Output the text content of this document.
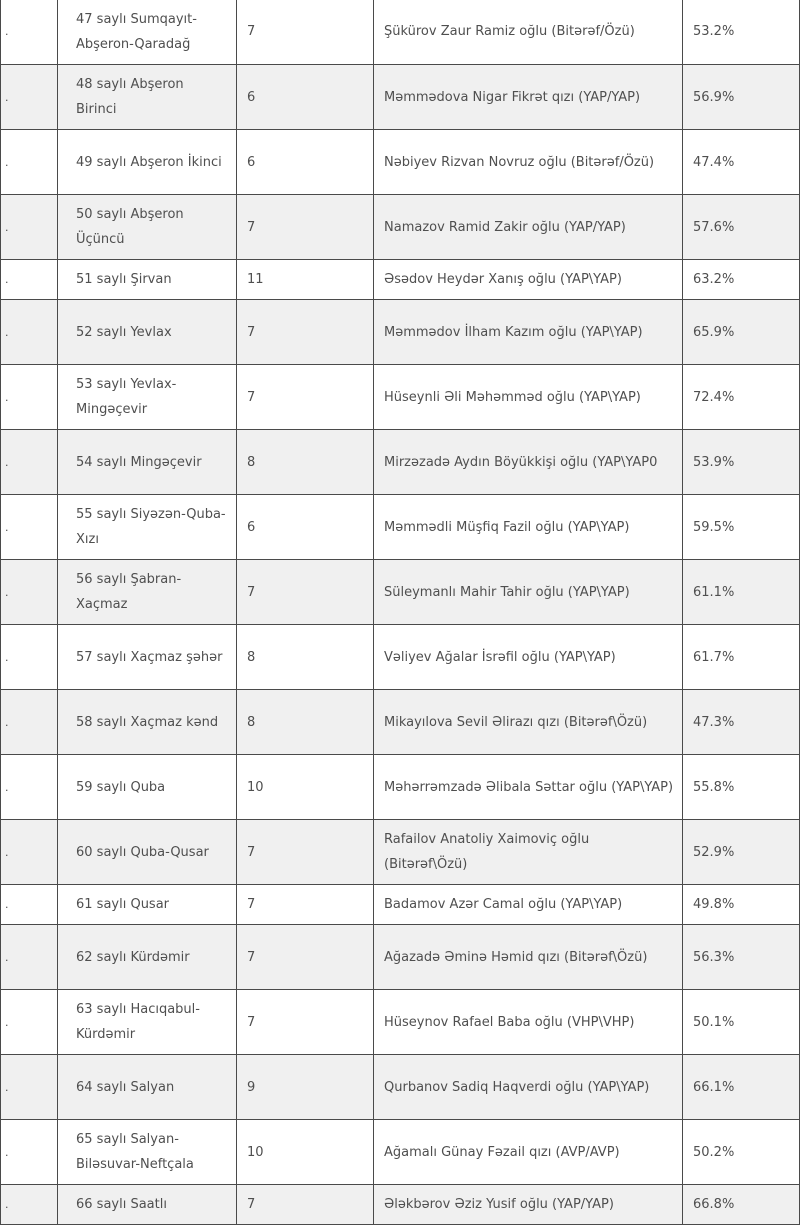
.	47 saylı Sumqayıt-Abşeron-Qaradağ	7	Şükürov Zaur Ramiz oğlu (Bitərəf/Özü)	53.2%
.	48 saylı Abşeron Birinci	6	Məmmədova Nigar Fikrət qızı (YAP/YAP)	56.9%
.	49 saylı Abşeron İkinci	6	Nəbiyev Rizvan Novruz oğlu (Bitərəf/Özü)	47.4%
.	50 saylı Abşeron Üçüncü	7	Namazov Ramid Zakir oğlu (YAP/YAP)	57.6%
.	51 saylı Şirvan	11	Əsədov Heydər Xanış oğlu (YAP\YAP)	63.2%
.	52 saylı Yevlax	7	Məmmədov İlham Kazım oğlu (YAP\YAP)	65.9%
.	53 saylı Yevlax-Mingəçevir	7	Hüseynli Əli Məhəmməd oğlu (YAP\YAP)	72.4%
.	54 saylı Mingəçevir	8	Mirzəzadə Aydın Böyükkişi oğlu (YAP\YAP0	53.9%
.	55 saylı Siyəzən-Quba-Xızı	6	Məmmədli Müşfiq Fazil oğlu (YAP\YAP)	59.5%
.	56 saylı Şabran-Xaçmaz	7	Süleymanlı Mahir Tahir oğlu (YAP\YAP)	61.1%
.	57 saylı Xaçmaz şəhər	8	Vəliyev Ağalar İsrəfil oğlu (YAP\YAP)	61.7%
.	58 saylı Xaçmaz kənd	8	Mikayılova Sevil Əlirazı qızı (Bitərəf\Özü)	47.3%
.	59 saylı Quba	10	Məhərrəmzadə Əlibala Səttar oğlu (YAP\YAP)	55.8%
.	60 saylı Quba-Qusar	7	Rafailov Anatoliy Xaimoviç oğlu (Bitərəf\Özü)	52.9%
.	61 saylı Qusar	7	Badamov Azər Camal oğlu (YAP\YAP)	49.8%
.	62 saylı Kürdəmir	7	Ağazadə Əminə Həmid qızı (Bitərəf\Özü)	56.3%
.	63 saylı Hacıqabul-Kürdəmir	7	Hüseynov Rafael Baba oğlu (VHP\VHP)	50.1%
.	64 saylı Salyan	9	Qurbanov Sadiq Haqverdi oğlu (YAP\YAP)	66.1%
.	65 saylı Salyan-Biləsuvar-Neftçala	10	Ağamalı Günay Fəzail qızı (AVP/AVP)	50.2%
.	66 saylı Saatlı	7	Ələkbərov Əziz Yusif oğlu (YAP/YAP)	66.8%
